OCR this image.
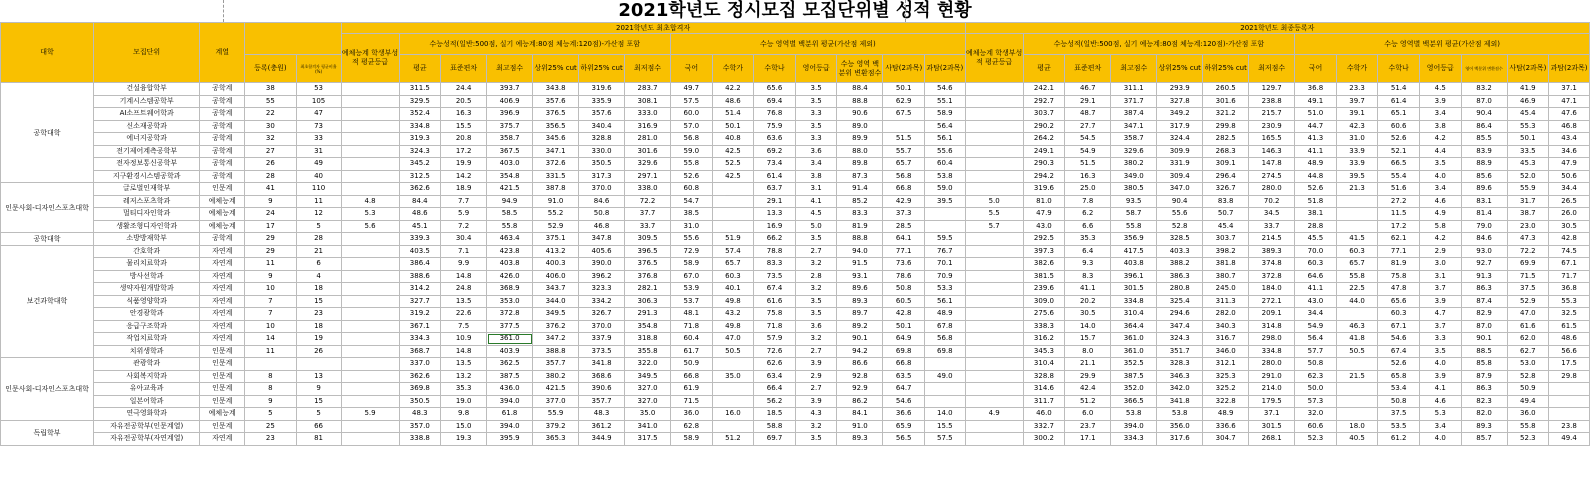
2021학년도 정시모집 모집단위별 성적 현황
대학	모집단위	계열			2021학년도 최초합격자														2021학년도 최종등록자													
					예체능계 학생부성적 평균등급	수능성적(일반:500점, 실기 예능계:80점 체능계:120점)-가산점 포함						수능 영역별 백분위 평균(가산점 제외)							예체능계 학생부성적 평균등급	수능성적(일반:500점, 실기 예능계:80점 체능계:120점)-가산점 포함						수능 영역별 백분위 평균(가산점 제외)						
			등록(충원)	최초합격자 평균비율 (%)		평균	표준편차	최고점수	상위25% cut	하위25% cut	최저점수	국어	수학가	수학나	영어등급	수능 영역 백분위 변환점수	사탐(2과목)	과탐(2과목)		평균	표준편차	최고점수	상위25% cut	하위25% cut	최저점수	국어	수학가	수학나	영어등급	영어 백분위 변환점수	사탐(2과목)	과탐(2과목)
공학대학	건설융합학부	공학계	38	53		311.5	24.4	393.7	343.8	319.6	283.7	49.7	42.2	65.6	3.5	88.4	50.1	54.6		242.1	46.7	311.1	293.9	260.5	129.7	36.8	23.3	51.4	4.5	83.2	41.9	37.1
	기계시스템공학부	공학계	55	105		329.5	20.5	406.9	357.6	335.9	308.1	57.5	48.6	69.4	3.5	88.8	62.9	55.1		292.7	29.1	371.7	327.8	301.6	238.8	49.1	39.7	61.4	3.9	87.0	46.9	47.1
	AI소프트웨어학과	공학계	22	47		352.4	16.3	396.9	376.5	357.6	333.0	60.0	51.4	76.8	3.3	90.6	67.5	58.9		303.7	48.7	387.4	349.2	321.2	215.7	51.0	39.1	65.1	3.4	90.4	45.4	47.6
	신소재공학과	공학계	30	73		334.8	15.5	375.7	356.5	340.4	316.9	57.0	50.1	75.9	3.5	89.0		56.4		290.2	27.7	347.1	317.9	299.8	230.9	44.7	42.3	60.6	3.8	86.4	55.3	46.8
	에너지공학과	공학계	32	33		319.3	20.8	358.7	345.6	328.8	281.0	56.8	40.8	63.6	3.3	89.9	51.5	56.1		264.2	54.5	358.7	324.4	282.5	165.5	41.3	31.0	52.6	4.2	85.5	50.1	43.4
	전기제어계측공학부	공학계	27	31		324.3	17.2	367.5	347.1	330.0	301.6	59.0	42.5	69.2	3.6	88.0	55.7	55.6		249.1	54.9	329.6	309.9	268.3	146.3	41.1	33.9	52.1	4.4	83.9	33.5	34.6
	전자정보통신공학부	공학계	26	49		345.2	19.9	403.0	372.6	350.5	329.6	55.8	52.5	73.4	3.4	89.8	65.7	60.4		290.3	51.5	380.2	331.9	309.1	147.8	48.9	33.9	66.5	3.5	88.9	45.3	47.9
	지구환경시스템공학과	공학계	28	40		312.5	14.2	354.8	331.5	317.3	297.1	52.6	42.5	61.4	3.8	87.3	56.8	53.8		294.2	16.3	349.0	309.4	296.4	274.5	44.8	39.5	55.4	4.0	85.6	52.0	50.6
인문사회-디자인스포츠대학	글로벌인재학부	인문계	41	110		362.6	18.9	421.5	387.8	370.0	338.0	60.8		63.7	3.1	91.4	66.8	59.0		319.6	25.0	380.5	347.0	326.7	280.0	52.6	21.3	51.6	3.4	89.6	55.9	34.4
	레저스포츠학과	예체능계	9	11	4.8	84.4	7.7	94.9	91.0	84.6	72.2	54.7		29.1	4.1	85.2	42.9	39.5	5.0	81.0	7.8	93.5	90.4	83.8	70.2	51.8		27.2	4.6	83.1	31.7	26.5
	멀티디자인학과	예체능계	24	12	5.3	48.6	5.9	58.5	55.2	50.8	37.7	38.5		13.3	4.5	83.3	37.3		5.5	47.9	6.2	58.7	55.6	50.7	34.5	38.1		11.5	4.9	81.4	38.7	26.0
	생활조형디자인학과	예체능계	17	5	5.6	45.1	7.2	55.8	52.9	46.8	33.7	31.0		16.9	5.0	81.9	28.5		5.7	43.0	6.6	55.8	52.8	45.4	33.7	28.8		17.2	5.8	79.0	23.0	30.5
공학대학	소방방재학부	공학계	29	28		339.3	30.4	463.4	375.1	347.8	309.5	55.6	51.9	66.2	3.5	88.8	64.1	59.5		292.5	35.3	356.9	328.5	303.7	214.5	45.5	41.5	62.1	4.2	84.6	47.3	42.8
보건과학대학	간호학과	자연계	29	21		403.5	7.1	423.8	413.2	405.6	396.5	72.9	57.4	78.8	2.7	94.0	77.1	76.7		397.3	6.4	417.5	403.3	398.2	389.3	70.0	60.3	77.1	2.9	93.0	72.2	74.5
	물리치료학과	자연계	11	6		386.4	9.9	403.8	400.3	390.0	376.5	58.9	65.7	83.3	3.2	91.5	73.6	70.1		382.6	9.3	403.8	388.2	381.8	374.8	60.3	65.7	81.9	3.0	92.7	69.9	67.1
	방사선학과	자연계	9	4		388.6	14.8	426.0	406.0	396.2	376.8	67.0	60.3	73.5	2.8	93.1	78.6	70.9		381.5	8.3	396.1	386.3	380.7	372.8	64.6	55.8	75.8	3.1	91.3	71.5	71.7
	생약자원개발학과	자연계	10	18		314.2	24.8	368.9	343.7	323.3	282.1	53.9	40.1	67.4	3.2	89.6	50.8	53.3		239.6	41.1	301.5	280.8	245.0	184.0	41.1	22.5	47.8	3.7	86.3	37.5	36.8
	식품영양학과	자연계	7	15		327.7	13.5	353.0	344.0	334.2	306.3	53.7	49.8	61.6	3.5	89.3	60.5	56.1		309.0	20.2	334.8	325.4	311.3	272.1	43.0	44.0	65.6	3.9	87.4	52.9	55.3
	안경광학과	자연계	7	23		319.2	22.6	372.8	349.5	326.7	291.3	48.1	43.2	75.8	3.5	89.7	42.8	48.9		275.6	30.5	310.4	294.6	282.0	209.1	34.4		60.3	4.7	82.9	47.0	32.5
	응급구조학과	자연계	10	18		367.1	7.5	377.5	376.2	370.0	354.8	71.8	49.8	71.8	3.6	89.2	50.1	67.8		338.3	14.0	364.4	347.4	340.3	314.8	54.9	46.3	67.1	3.7	87.0	61.6	61.5
	작업치료학과	자연계	14	19		334.3	10.9	361.0	347.2	337.9	318.8	60.4	47.0	57.9	3.2	90.1	64.9	56.8		316.2	15.7	361.0	324.3	316.7	298.0	56.4	41.8	54.6	3.3	90.1	62.0	48.6
	치위생학과	인문계	11	26		368.7	14.8	403.9	388.8	373.5	355.8	61.7	50.5	72.6	2.7	94.2	69.8	69.8		345.3	8.0	361.0	351.7	346.0	334.8	57.7	50.5	67.4	3.5	88.5	62.7	56.6
인문사회-디자인스포츠대학	관광학과	인문계				337.0	13.5	362.5	357.7	341.8	322.0	50.9		62.6	3.9	86.6	66.8			310.4	21.1	352.5	328.3	312.1	280.0	50.8		52.6	4.0	85.8	53.0	17.5
	사회복지학과	인문계	8	13		362.6	13.2	387.5	380.2	368.6	349.5	66.8	35.0	63.4	2.9	92.8	63.5	49.0		328.8	29.9	387.5	346.3	325.3	291.0	62.3	21.5	65.8	3.9	87.9	52.8	29.8
	유아교육과	인문계	8	9		369.8	35.3	436.0	421.5	390.6	327.0	61.9		66.4	2.7	92.9	64.7			314.6	42.4	352.0	342.0	325.2	214.0	50.0		53.4	4.1	86.3	50.9	
	일본어학과	인문계	9	15		350.5	19.0	394.0	377.0	357.7	327.0	71.5		56.2	3.9	86.2	54.6			311.7	51.2	366.5	341.8	322.8	179.5	57.3		50.8	4.6	82.3	49.4	
	연극영화학과	예체능계	5	5	5.9	48.3	9.8	61.8	55.9	48.3	35.0	36.0	16.0	18.5	4.3	84.1	36.6	14.0	4.9	46.0	6.0	53.8	53.8	48.9	37.1	32.0		37.5	5.3	82.0	36.0	
독립학부	자유전공학부(인문계열)	인문계	25	66		357.0	15.0	394.0	379.2	361.2	341.0	62.8		58.8	3.2	91.0	65.9	15.5		332.7	23.7	394.0	356.0	336.6	301.5	60.6	18.0	53.5	3.4	89.3	55.8	23.8
	자유전공학부(자연계열)	자연계	23	81		338.8	19.3	395.9	365.3	344.9	317.5	58.9	51.2	69.7	3.5	89.3	56.5	57.5		300.2	17.1	334.3	317.6	304.7	268.1	52.3	40.5	61.2	4.0	85.7	52.3	49.4
